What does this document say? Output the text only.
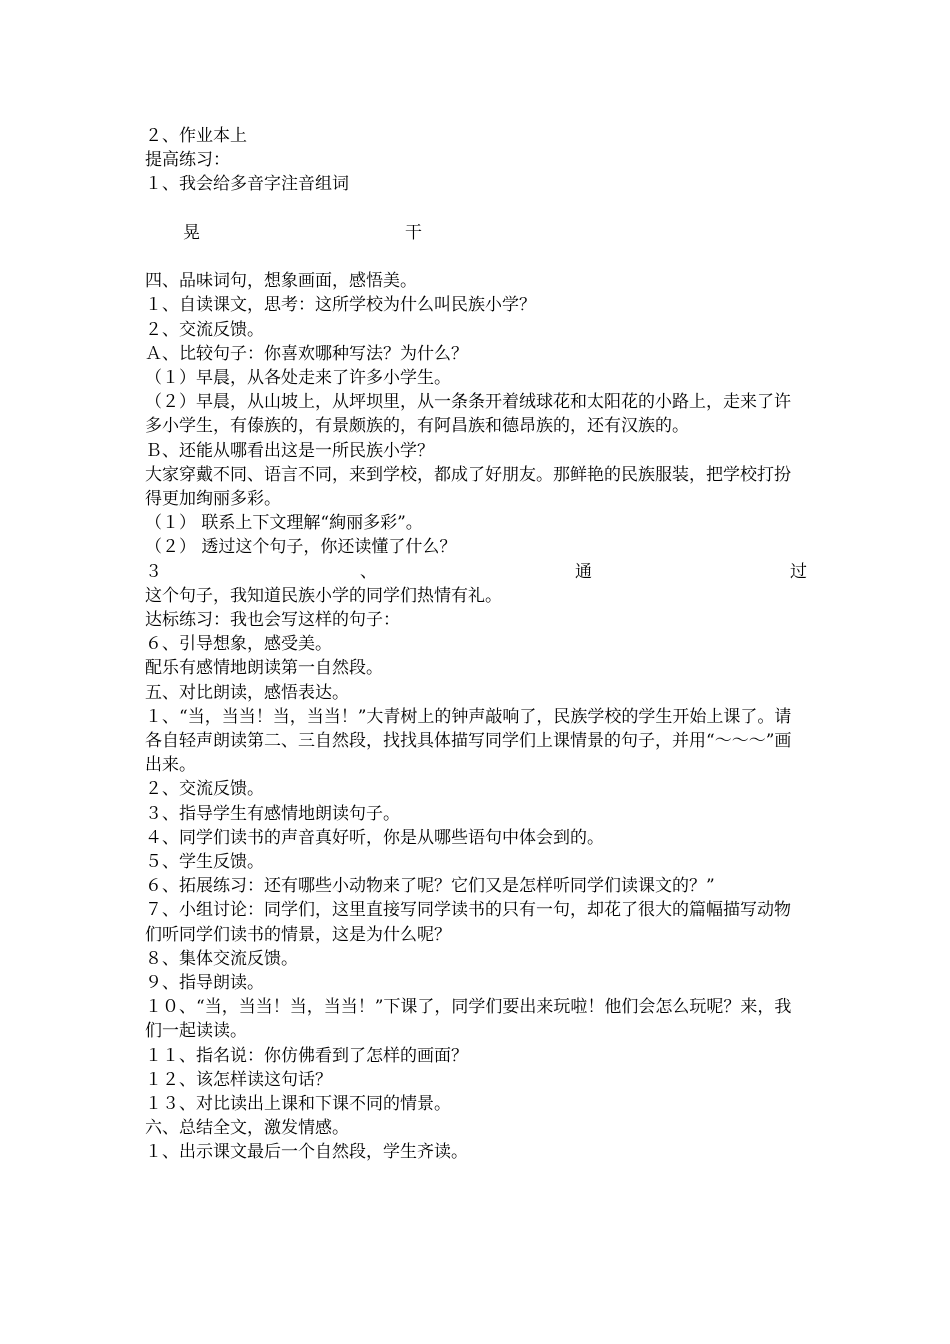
２、作业本上
提高练习：
１、我会给多音字注音组词
晃	干
四、品味词句，想象画面，感悟美。
１、自读课文，思考：这所学校为什么叫民族小学？
２、交流反馈。
Ａ、比较句子：你喜欢哪种写法？为什么？
（１）早晨，从各处走来了许多小学生。
（２）早晨，从山坡上，从坪坝里，从一条条开着绒球花和太阳花的小路上，走来了许多小学生，有傣族的，有景颇族的，有阿昌族和德昂族的，还有汉族的。
Ｂ、还能从哪看出这是一所民族小学？
大家穿戴不同、语言不同，来到学校，都成了好朋友。那鲜艳的民族服装，把学校打扮得更加绚丽多彩。
（１） 联系上下文理解“絢丽多彩”。
（２） 透过这个句子，你还读懂了什么？
３	、	通	过
这个句子，我知道民族小学的同学们热情有礼。
达标练习：我也会写这样的句子：
６、引导想象，感受美。
配乐有感情地朗读第一自然段。
五、对比朗读，感悟表达。
１、“当，当当！当，当当！”大青树上的钟声敲响了，民族学校的学生开始上课了。请各自轻声朗读第二、三自然段，找找具体描写同学们上课情景的句子，并用“～～～”画出来。
２、交流反馈。
３、指导学生有感情地朗读句子。
４、同学们读书的声音真好听，你是从哪些语句中体会到的。
５、学生反馈。
６、拓展练习：还有哪些小动物来了呢？它们又是怎样听同学们读课文的？”
７、小组讨论：同学们，这里直接写同学读书的只有一句，却花了很大的篇幅描写动物们听同学们读书的情景，这是为什么呢？
８、集体交流反馈。
９、指导朗读。
１０、“当，当当！当，当当！”下课了，同学们要出来玩啦！他们会怎么玩呢？来，我们一起读读。
１１、指名说：你仿佛看到了怎样的画面？
１２、该怎样读这句话？
１３、对比读出上课和下课不同的情景。
六、总结全文，激发情感。
１、出示课文最后一个自然段，学生齐读。
